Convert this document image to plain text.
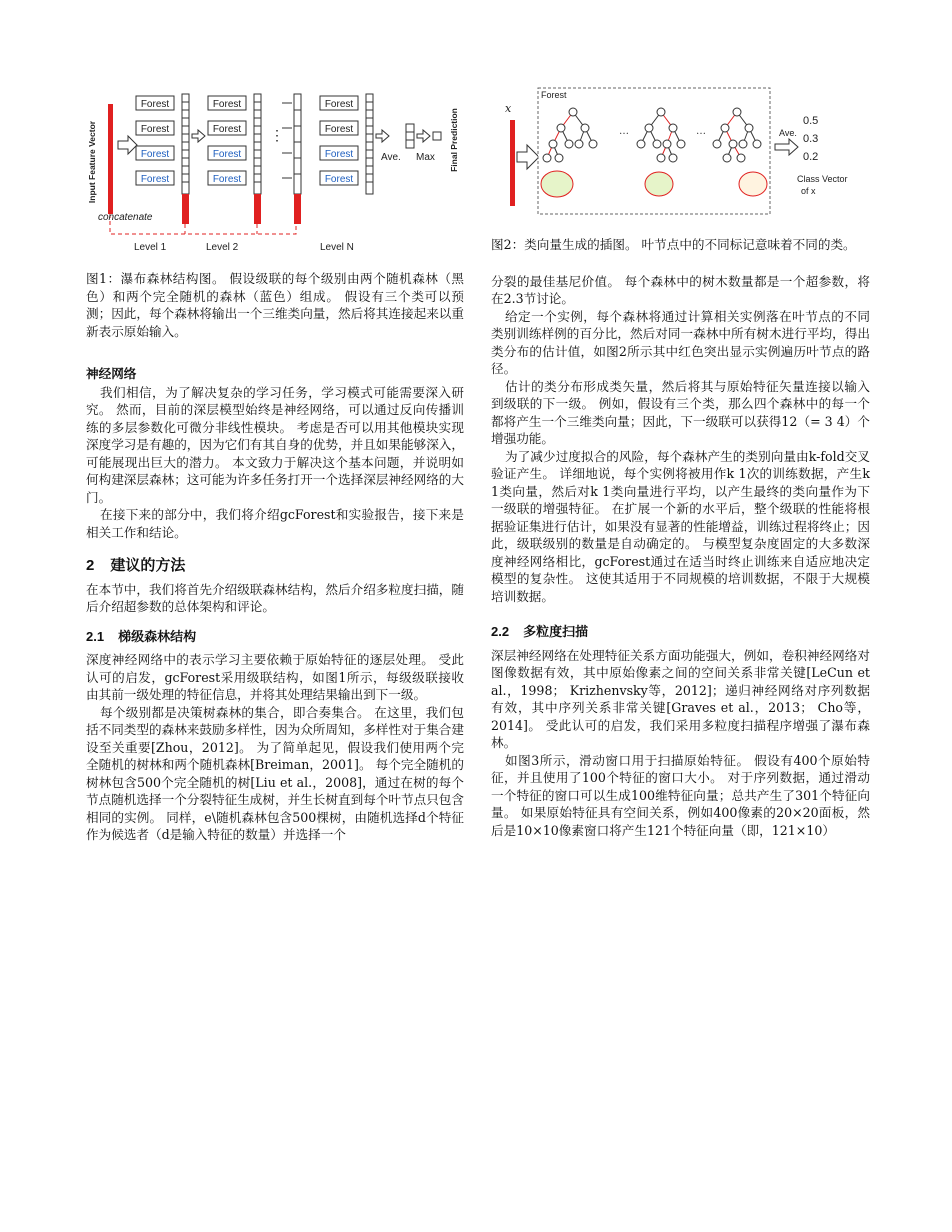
Input Feature Vector
Forest
Forest
Forest
Forest
Forest
Forest
Forest
Forest
⋮
Forest
Forest
Forest
Forest
Ave. Max Final Prediction
concatenate
Level 1	Level 2	Level N

图1：瀑布森林结构图。 假设级联的每个级别由两个随机森林（黑色）和两个完全随机的森林（蓝色）组成。 假设有三个类可以预测；因此，每个森林将输出一个三维类向量，然后将其连接起来以重新表示原始输入。

神经网络

我们相信，为了解决复杂的学习任务，学习模式可能需要深入研究。 然而，目前的深层模型始终是神经网络，可以通过反向传播训练的多层参数化可微分非线性模块。 考虑是否可以用其他模块实现深度学习是有趣的，因为它们有其自身的优势，并且如果能够深入，可能展现出巨大的潜力。 本文致力于解决这个基本问题，并说明如何构建深层森林；这可能为许多任务打开一个选择深层神经网络的大门。

在接下来的部分中，我们将介绍gcForest和实验报告，接下来是相关工作和结论。

2 建议的方法

在本节中，我们将首先介绍级联森林结构，然后介绍多粒度扫描，随后介绍超参数的总体架构和评论。

2.1 梯级森林结构

深度神经网络中的表示学习主要依赖于原始特征的逐层处理。 受此认可的启发，gcForest采用级联结构，如图1所示，每级级联接收由其前一级处理的特征信息，并将其处理结果输出到下一级。

每个级别都是决策树森林的集合，即合奏集合。 在这里，我们包括不同类型的森林来鼓励多样性，因为众所周知，多样性对于集合建设至关重要[Zhou，2012]。 为了简单起见，假设我们使用两个完全随机的树林和两个随机森林[Breiman，2001]。 每个完全随机的树林包含500个完全随机的树[Liu et al.，2008]，通过在树的每个节点随机选择一个分裂特征生成树，并生长树直到每个叶节点只包含相同的实例。 同样，e\随机森林包含500棵树，由随机选择d个特征作为候选者（d是输入特征的数量）并选择一个

x
Forest
…	…	Ave.
0.5
0.3
0.2
Class Vector
of x

图2：类向量生成的插图。 叶节点中的不同标记意味着不同的类。

分裂的最佳基尼价值。 每个森林中的树木数量都是一个超参数，将在2.3节讨论。

给定一个实例，每个森林将通过计算相关实例落在叶节点的不同类别训练样例的百分比，然后对同一森林中所有树木进行平均，得出类分布的估计值，如图2所示其中红色突出显示实例遍历叶节点的路径。

估计的类分布形成类矢量，然后将其与原始特征矢量连接以输入到级联的下一级。 例如，假设有三个类，那么四个森林中的每一个都将产生一个三维类向量；因此，下一级联可以获得12（= 3 4）个增强功能。

为了减少过度拟合的风险，每个森林产生的类别向量由k-fold交叉验证产生。 详细地说，每个实例将被用作k 1次的训练数据，产生k 1类向量，然后对k 1类向量进行平均，以产生最终的类向量作为下一级联的增强特征。 在扩展一个新的水平后，整个级联的性能将根据验证集进行估计，如果没有显著的性能增益，训练过程将终止；因此，级联级别的数量是自动确定的。 与模型复杂度固定的大多数深度神经网络相比，gcForest通过在适当时终止训练来自适应地决定模型的复杂性。 这使其适用于不同规模的培训数据，不限于大规模培训数据。

2.2 多粒度扫描

深层神经网络在处理特征关系方面功能强大，例如，卷积神经网络对图像数据有效，其中原始像素之间的空间关系非常关键[LeCun et al.，1998； Krizhenvsky等，2012]；递归神经网络对序列数据有效，其中序列关系非常关键[Graves et al.，2013； Cho等，2014]。 受此认可的启发，我们采用多粒度扫描程序增强了瀑布森林。

如图3所示，滑动窗口用于扫描原始特征。 假设有400个原始特征，并且使用了100个特征的窗口大小。 对于序列数据，通过滑动一个特征的窗口可以生成100维特征向量；总共产生了301个特征向量。 如果原始特征具有空间关系，例如400像素的20×20面板，然后是10×10像素窗口将产生121个特征向量（即，121×10）
